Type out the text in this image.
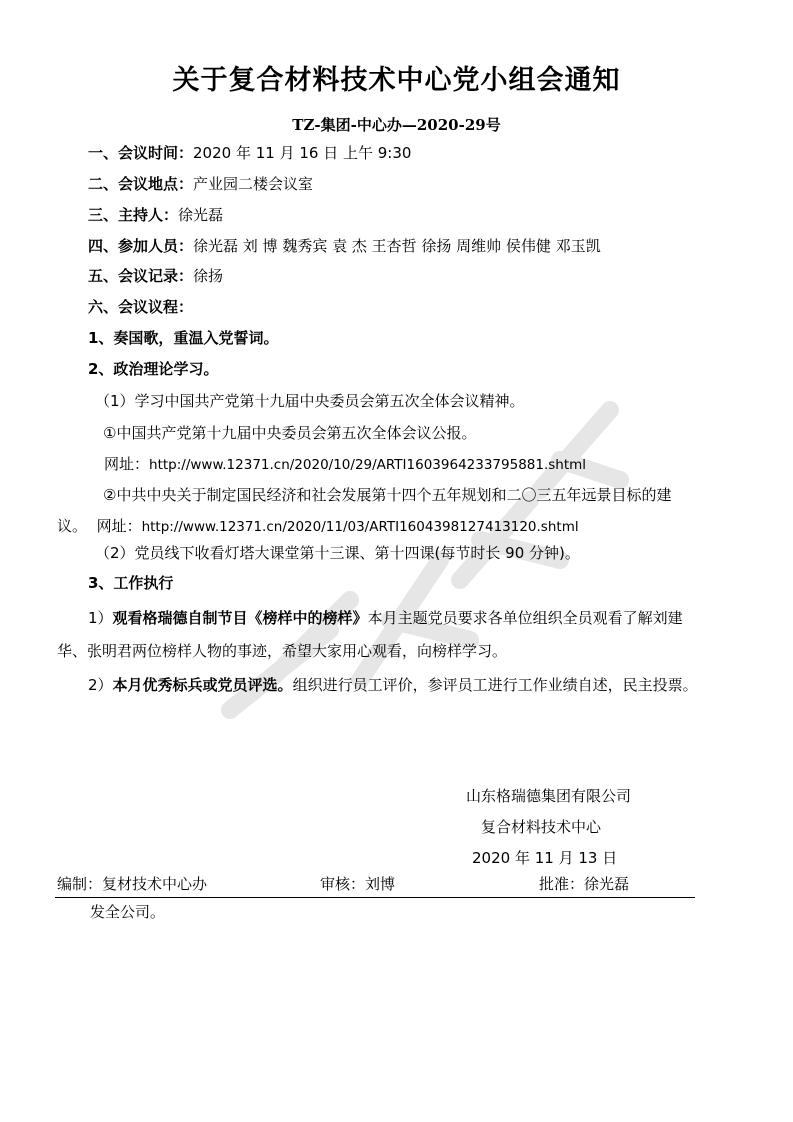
关于复合材料技术中心党小组会通知
TZ-集团-中心办—2020-29号
一、会议时间：2020 年 11 月 16 日 上午 9:30
二、会议地点：产业园二楼会议室
三、主持人：徐光磊
四、参加人员：徐光磊 刘 博 魏秀宾 袁 杰 王杏哲 徐扬 周维帅 侯伟健 邓玉凯
五、会议记录：徐扬
六、会议议程：
1、奏国歌，重温入党誓词。
2、政治理论学习。
（1）学习中国共产党第十九届中央委员会第五次全体会议精神。
①中国共产党第十九届中央委员会第五次全体会议公报。
网址：http://www.12371.cn/2020/10/29/ARTI1603964233795881.shtml
②中共中央关于制定国民经济和社会发展第十四个五年规划和二〇三五年远景目标的建
议。 网址：http://www.12371.cn/2020/11/03/ARTI1604398127413120.shtml
（2）党员线下收看灯塔大课堂第十三课、第十四课(每节时长 90 分钟)。
3、工作执行
1）观看格瑞德自制节目《榜样中的榜样》本月主题党员要求各单位组织全员观看了解刘建
华、张明君两位榜样人物的事迹，希望大家用心观看，向榜样学习。
2）本月优秀标兵或党员评选。组织进行员工评价，参评员工进行工作业绩自述，民主投票。
山东格瑞德集团有限公司
复合材料技术中心
2020 年 11 月 13 日
编制：复材技术中心办	审核：刘博	批准：徐光磊
发全公司。
